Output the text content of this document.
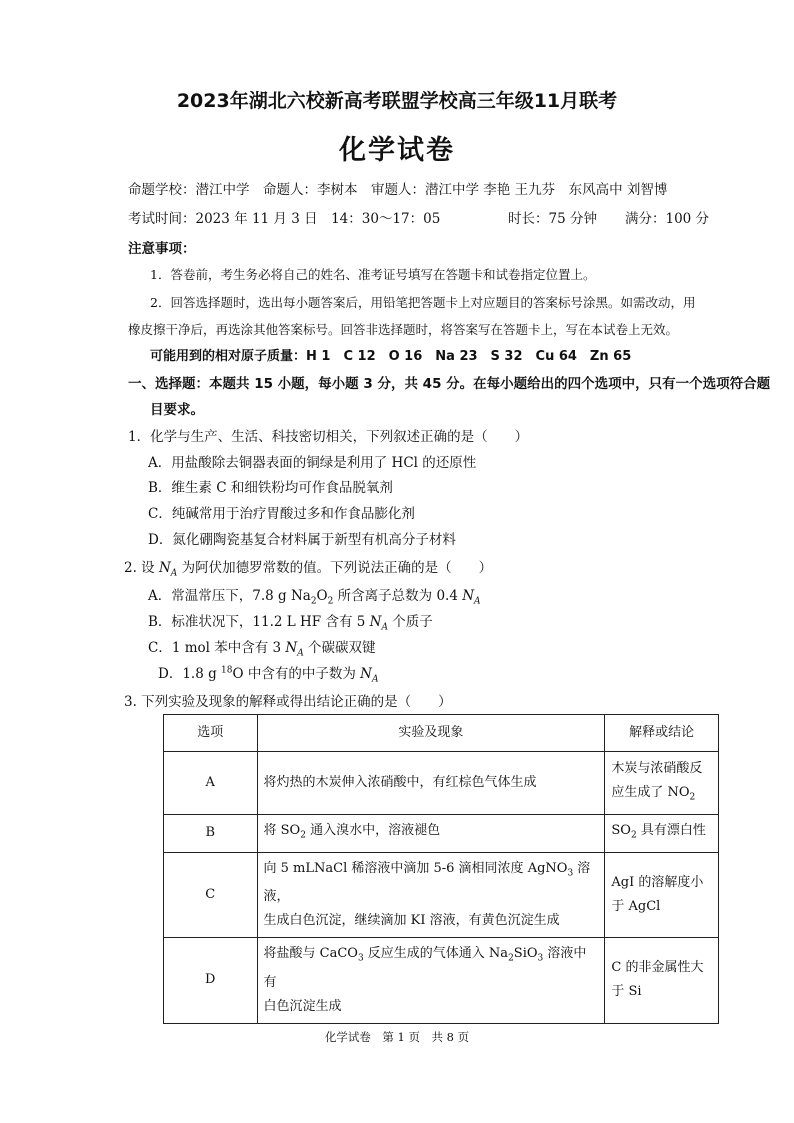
2023年湖北六校新高考联盟学校高三年级11月联考
化学试卷
命题学校：潜江中学　命题人：李树本　审题人：潜江中学 李艳 王九芬　东风高中 刘智博
考试时间：2023 年 11 月 3 日　14：30～17：05	时长：75 分钟 满分：100 分
注意事项：
1．答卷前，考生务必将自己的姓名、准考证号填写在答题卡和试卷指定位置上。
2．回答选择题时，选出每小题答案后，用铅笔把答题卡上对应题目的答案标号涂黑。如需改动，用
橡皮擦干净后，再选涂其他答案标号。回答非选择题时，将答案写在答题卡上，写在本试卷上无效。
可能用到的相对原子质量：H 1　C 12　O 16　Na 23　S 32　Cu 64　Zn 65
一、选择题：本题共 15 小题，每小题 3 分，共 45 分。在每小题给出的四个选项中，只有一个选项符合题
目要求。
1．化学与生产、生活、科技密切相关，下列叙述正确的是（　　）
A．用盐酸除去铜器表面的铜绿是利用了 HCl 的还原性
B．维生素 C 和细铁粉均可作食品脱氧剂
C．纯碱常用于治疗胃酸过多和作食品膨化剂
D．氮化硼陶瓷基复合材料属于新型有机高分子材料
2. 设 $N_A$ 为阿伏加德罗常数的值。下列说法正确的是（　　）
A．常温常压下，7.8 g $Na_2O_2$ 所含离子总数为 0.4 $N_A$
B．标准状况下，11.2 L HF 含有 5 $N_A$ 个质子
C．1 mol 苯中含有 3 $N_A$ 个碳碳双键
D．1.8 g $^{18}$O 中含有的中子数为 $N_A$
3. 下列实验及现象的解释或得出结论正确的是（　　）
选项	实验及现象	解释或结论
A	将灼热的木炭伸入浓硝酸中，有红棕色气体生成	木炭与浓硝酸反
应生成了 $NO_2$
B	将 $SO_2$ 通入溴水中，溶液褪色	$SO_2$ 具有漂白性
C	向 5 mLNaCl 稀溶液中滴加 5-6 滴相同浓度 AgNO$_3$ 溶液，
生成白色沉淀，继续滴加 KI 溶液，有黄色沉淀生成	AgI 的溶解度小
于 AgCl
D	将盐酸与 CaCO$_3$ 反应生成的气体通入 $Na_2SiO_3$ 溶液中有
白色沉淀生成	C 的非金属性大
于 Si
化学试卷　第 1 页　共 8 页
